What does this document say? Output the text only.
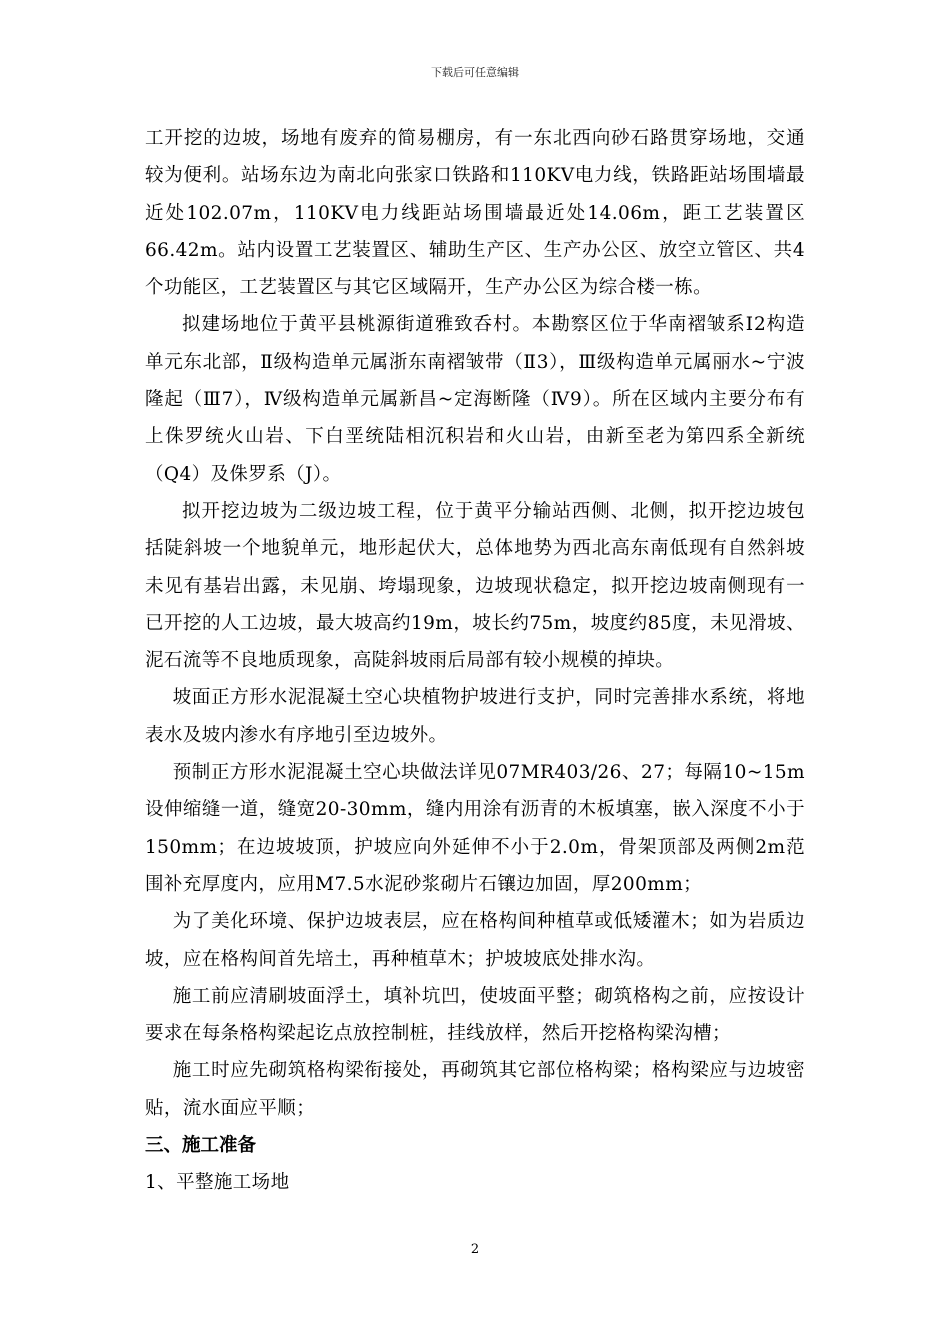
下载后可任意编辑

工开挖的边坡，场地有废弃的简易棚房，有一东北西向砂石路贯穿场地，交通较为便利。站场东边为南北向张家口铁路和110KV电力线，铁路距站场围墙最近处102.07m，110KV电力线距站场围墙最近处14.06m，距工艺装置区66.42m。站内设置工艺装置区、辅助生产区、生产办公区、放空立管区、共4个功能区，工艺装置区与其它区域隔开，生产办公区为综合楼一栋。

拟建场地位于黄平县桃源街道雅致呑村。本勘察区位于华南褶皱系Ⅰ2构造单元东北部，Ⅱ级构造单元属浙东南褶皱带（Ⅱ3），Ⅲ级构造单元属丽水~宁波隆起（Ⅲ7），Ⅳ级构造单元属新昌~定海断隆（Ⅳ9）。所在区域内主要分布有上侏罗统火山岩、下白垩统陆相沉积岩和火山岩，由新至老为第四系全新统（Q4）及侏罗系（J）。

拟开挖边坡为二级边坡工程，位于黄平分输站西侧、北侧，拟开挖边坡包括陡斜坡一个地貌单元，地形起伏大，总体地势为西北高东南低现有自然斜坡未见有基岩出露，未见崩、垮塌现象，边坡现状稳定，拟开挖边坡南侧现有一已开挖的人工边坡，最大坡高约19m，坡长约75m，坡度约85度，未见滑坡、泥石流等不良地质现象，高陡斜坡雨后局部有较小规模的掉块。

坡面正方形水泥混凝土空心块植物护坡进行支护，同时完善排水系统，将地表水及坡内渗水有序地引至边坡外。

预制正方形水泥混凝土空心块做法详见07MR403/26、27；每隔10~15m设伸缩缝一道，缝宽20-30mm，缝内用涂有沥青的木板填塞，嵌入深度不小于150mm；在边坡坡顶，护坡应向外延伸不小于2.0m，骨架顶部及两侧2m范围补充厚度内，应用M7.5水泥砂浆砌片石镶边加固，厚200mm；

为了美化环境、保护边坡表层，应在格构间种植草或低矮灌木；如为岩质边坡，应在格构间首先培土，再种植草木；护坡坡底处排水沟。

施工前应清刷坡面浮土，填补坑凹，使坡面平整；砌筑格构之前，应按设计要求在每条格构梁起讫点放控制桩，挂线放样，然后开挖格构梁沟槽；

施工时应先砌筑格构梁衔接处，再砌筑其它部位格构梁；格构梁应与边坡密贴，流水面应平顺；

三、施工准备

1、平整施工场地

2
